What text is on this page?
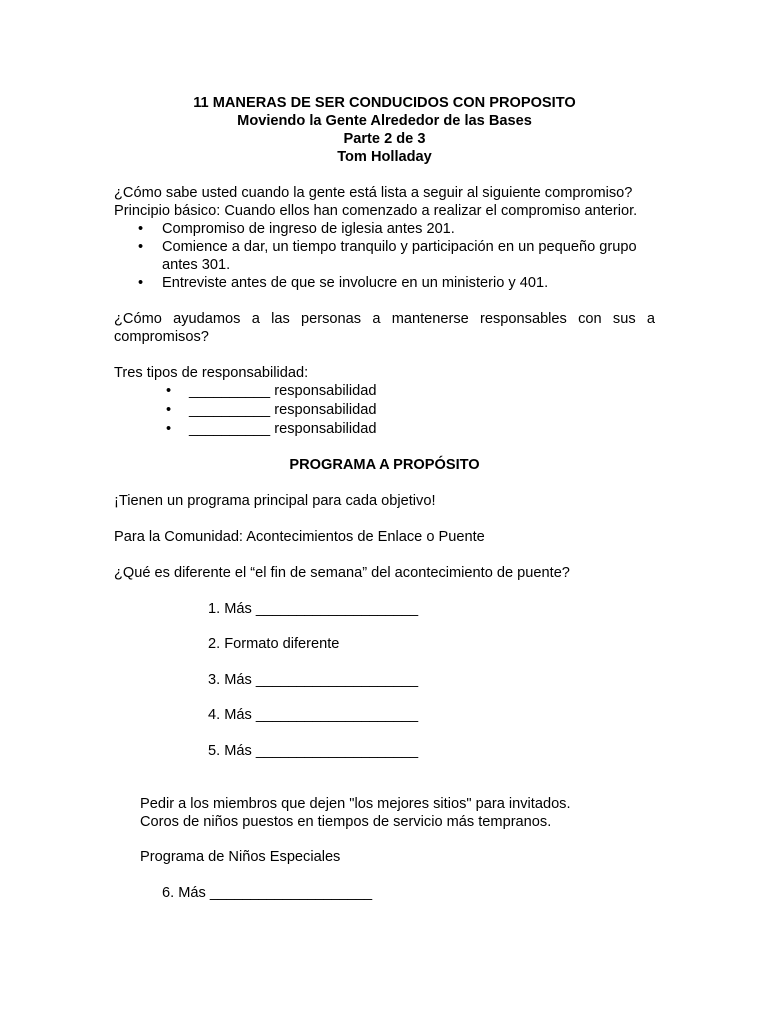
11 MANERAS DE SER CONDUCIDOS CON PROPOSITO
Moviendo la Gente Alrededor de las Bases
Parte 2 de 3
Tom Holladay

¿Cómo sabe usted cuando la gente está lista a seguir al siguiente compromiso?

Principio básico: Cuando ellos han comenzado a realizar el compromiso anterior.

• Compromiso de ingreso de iglesia antes 201.
• Comience a dar, un tiempo tranquilo y participación en un pequeño grupo antes 301.
• Entreviste antes de que se involucre en un ministerio y 401.

¿Cómo ayudamos a las personas a mantenerse responsables con sus a compromisos?

Tres tipos de responsabilidad:

• __________ responsabilidad
• __________ responsabilidad
• __________ responsabilidad

PROGRAMA A PROPÓSITO

¡Tienen un programa principal para cada objetivo!

Para la Comunidad: Acontecimientos de Enlace o Puente

¿Qué es diferente el “el fin de semana” del acontecimiento de puente?

1. Más ____________________
2. Formato diferente
3. Más ____________________
4. Más ____________________
5. Más ____________________

Pedir a los miembros que dejen "los mejores sitios" para invitados.

Coros de niños puestos en tiempos de servicio más tempranos.

Programa de Niños Especiales

6. Más ____________________
